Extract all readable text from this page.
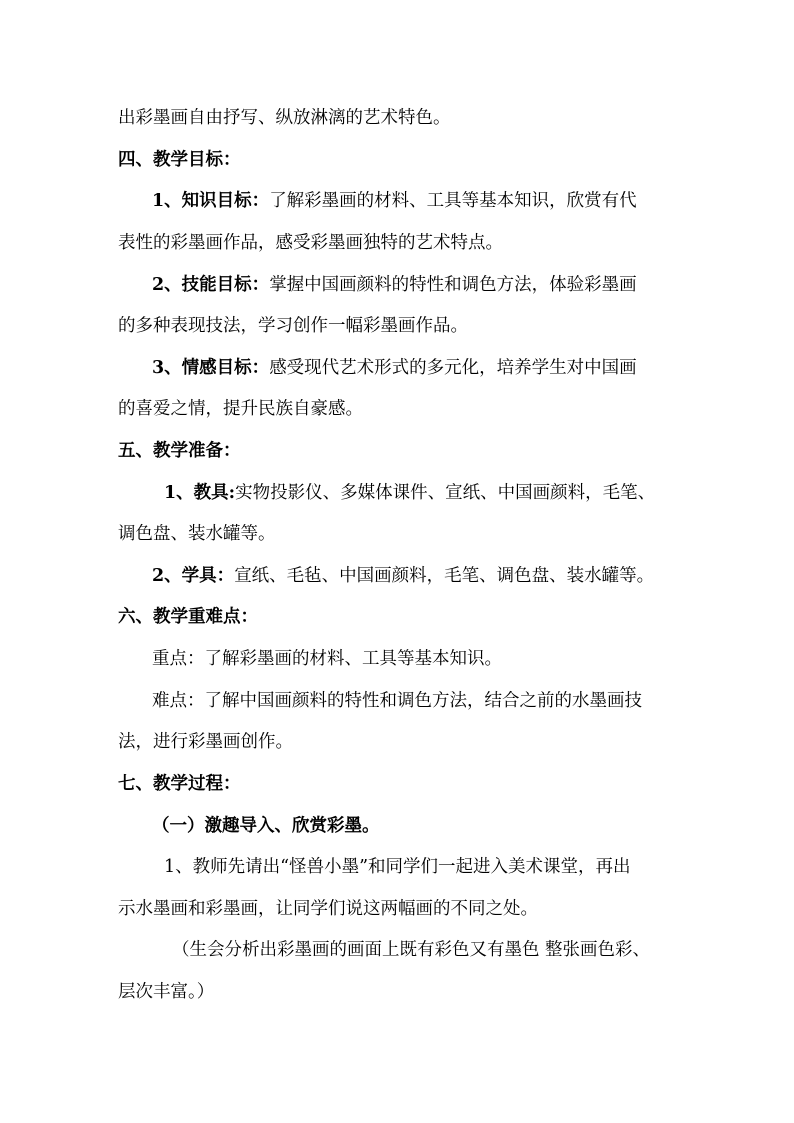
出彩墨画自由抒写、纵放淋漓的艺术特色。
四、教学目标：
1、知识目标：了解彩墨画的材料、工具等基本知识，欣赏有代
表性的彩墨画作品，感受彩墨画独特的艺术特点。
2、技能目标：掌握中国画颜料的特性和调色方法，体验彩墨画
的多种表现技法，学习创作一幅彩墨画作品。
3、情感目标：感受现代艺术形式的多元化，培养学生对中国画
的喜爱之情，提升民族自豪感。
五、教学准备：
1、教具:实物投影仪、多媒体课件、宣纸、中国画颜料，毛笔、
调色盘、装水罐等。
2、学具：宣纸、毛毡、中国画颜料，毛笔、调色盘、装水罐等。
六、教学重难点：
重点：了解彩墨画的材料、工具等基本知识。
难点：了解中国画颜料的特性和调色方法，结合之前的水墨画技
法，进行彩墨画创作。
七、教学过程：
（一）激趣导入、欣赏彩墨。
1、教师先请出“怪兽小墨”和同学们一起进入美术课堂，再出
示水墨画和彩墨画，让同学们说这两幅画的不同之处。
（生会分析出彩墨画的画面上既有彩色又有墨色 整张画色彩、
层次丰富。）
